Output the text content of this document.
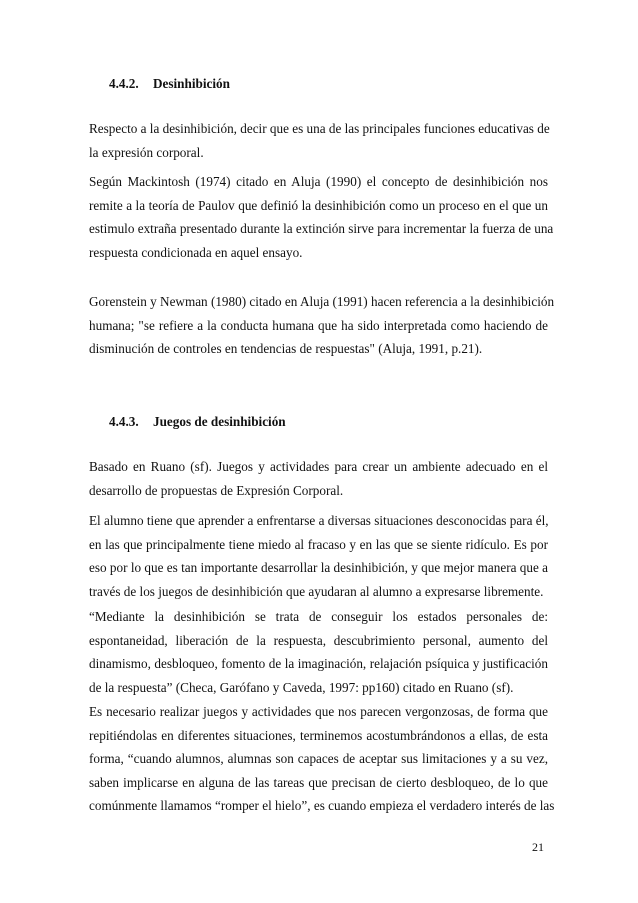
4.4.2. Desinhibición

Respecto a la desinhibición, decir que es una de las principales funciones educativas de
la expresión corporal.

Según Mackintosh (1974) citado en Aluja (1990) el concepto de desinhibición nos
remite a la teoría de Paulov que definió la desinhibición como un proceso en el que un
estimulo extraña presentado durante la extinción sirve para incrementar la fuerza de una
respuesta condicionada en aquel ensayo.

Gorenstein y Newman (1980) citado en Aluja (1991) hacen referencia a la desinhibición
humana; "se refiere a la conducta humana que ha sido interpretada como haciendo de
disminución de controles en tendencias de respuestas" (Aluja, 1991, p.21).

4.4.3. Juegos de desinhibición

Basado en Ruano (sf). Juegos y actividades para crear un ambiente adecuado en el
desarrollo de propuestas de Expresión Corporal.

El alumno tiene que aprender a enfrentarse a diversas situaciones desconocidas para él,
en las que principalmente tiene miedo al fracaso y en las que se siente ridículo. Es por
eso por lo que es tan importante desarrollar la desinhibición, y que mejor manera que a
través de los juegos de desinhibición que ayudaran al alumno a expresarse libremente.

“Mediante la desinhibición se trata de conseguir los estados personales de:
espontaneidad, liberación de la respuesta, descubrimiento personal, aumento del
dinamismo, desbloqueo, fomento de la imaginación, relajación psíquica y justificación
de la respuesta” (Checa, Garófano y Caveda, 1997: pp160) citado en Ruano (sf).

Es necesario realizar juegos y actividades que nos parecen vergonzosas, de forma que
repitiéndolas en diferentes situaciones, terminemos acostumbrándonos a ellas, de esta
forma, “cuando alumnos, alumnas son capaces de aceptar sus limitaciones y a su vez,
saben implicarse en alguna de las tareas que precisan de cierto desbloqueo, de lo que
comúnmente llamamos “romper el hielo”, es cuando empieza el verdadero interés de las

21
